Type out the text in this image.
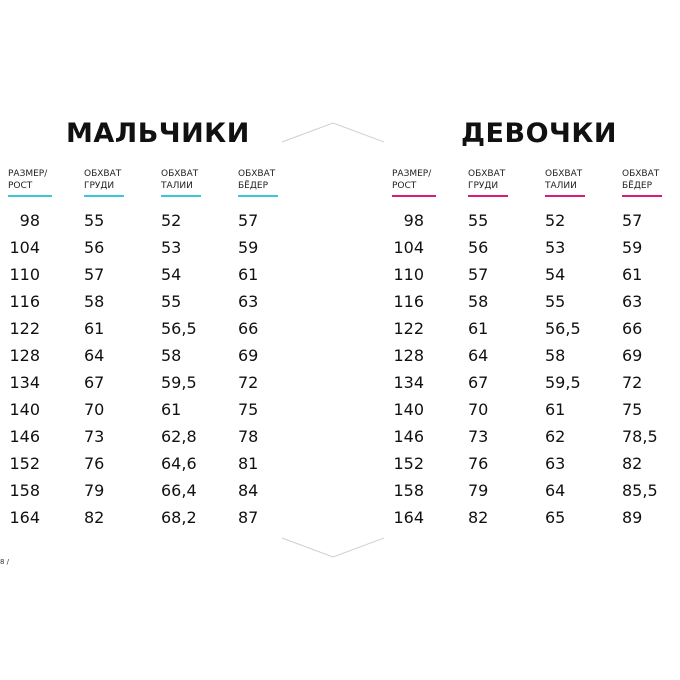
МАЛЬЧИКИ	ДЕВОЧКИ
РАЗМЕР/
РОСТ
ОБХВАТ
ГРУДИ
ОБХВАТ
ТАЛИИ
ОБХВАТ
БЁДЕР
98	55	52	57
104	56	53	59
110	57	54	61
116	58	55	63
122	61	56,5	66
128	64	58	69
134	67	59,5	72
140	70	61	75
146	73	62,8	78
152	76	64,6	81
158	79	66,4	84
164	82	68,2	87
РАЗМЕР/
РОСТ
ОБХВАТ
ГРУДИ
ОБХВАТ
ТАЛИИ
ОБХВАТ
БЁДЕР
98	55	52	57
104	56	53	59
110	57	54	61
116	58	55	63
122	61	56,5	66
128	64	58	69
134	67	59,5	72
140	70	61	75
146	73	62	78,5
152	76	63	82
158	79	64	85,5
164	82	65	89
8 /
